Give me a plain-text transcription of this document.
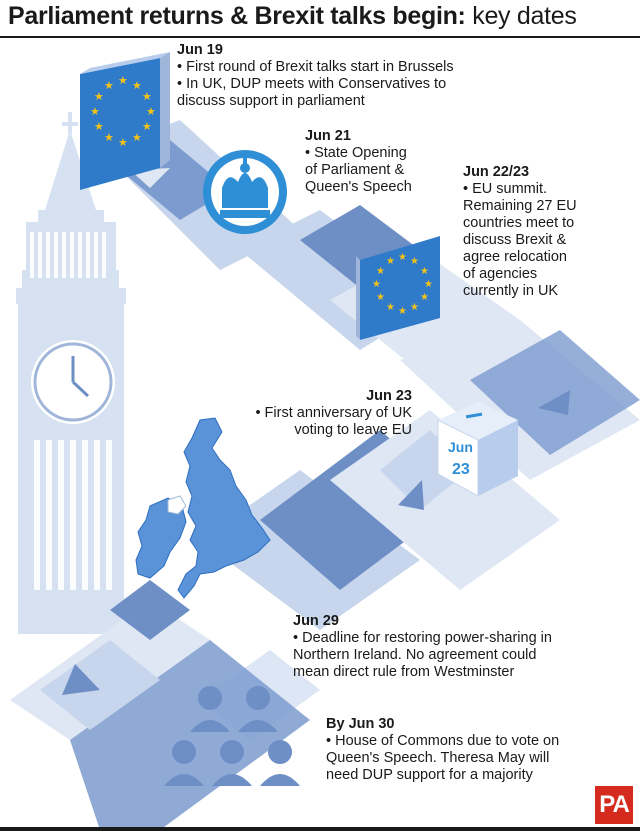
Parliament returns & Brexit talks begin: key dates
★ ★
★
★
★
★
★
★
★
★
★
★
★ ★
★
★
★
★
★
★
★
★
★
★
Jun
23
Jun 19
• First round of Brexit talks start in Brussels
• In UK, DUP meets with Conservatives to
discuss support in parliament
Jun 21
• State Opening
of Parliament &
Queen's Speech
Jun 22/23
• EU summit.
Remaining 27 EU
countries meet to
discuss Brexit &
agree relocation
of agencies
currently in UK
Jun 23
• First anniversary of UK
voting to leave EU
Jun 29
• Deadline for restoring power-sharing in
Northern Ireland. No agreement could
mean direct rule from Westminster
By Jun 30
• House of Commons due to vote on
Queen's Speech. Theresa May will
need DUP support for a majority
PA
